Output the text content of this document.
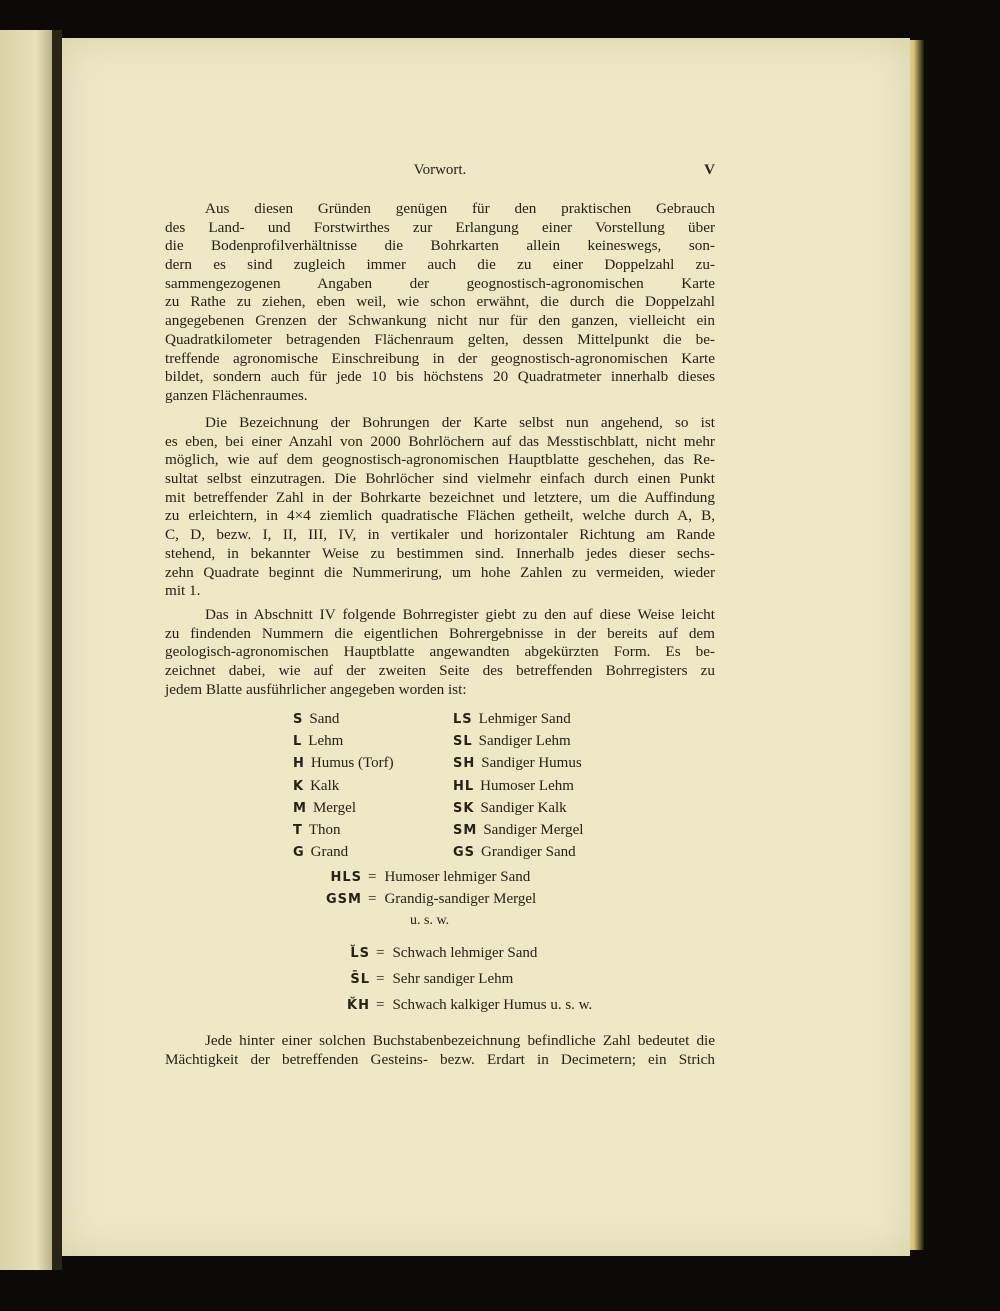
Vorwort.	V
Aus diesen Gründen genügen für den praktischen Gebrauch
des Land- und Forstwirthes zur Erlangung einer Vorstellung über
die Bodenprofilverhältnisse die Bohrkarten allein keineswegs, son-
dern es sind zugleich immer auch die zu einer Doppelzahl zu-
sammengezogenen Angaben der geognostisch-agronomischen Karte
zu Rathe zu ziehen, eben weil, wie schon erwähnt, die durch die Doppelzahl
angegebenen Grenzen der Schwankung nicht nur für den ganzen, vielleicht ein
Quadratkilometer betragenden Flächenraum gelten, dessen Mittelpunkt die be-
treffende agronomische Einschreibung in der geognostisch-agronomischen Karte
bildet, sondern auch für jede 10 bis höchstens 20 Quadratmeter innerhalb dieses
ganzen Flächenraumes.
Die Bezeichnung der Bohrungen der Karte selbst nun angehend, so ist
es eben, bei einer Anzahl von 2000 Bohrlöchern auf das Messtischblatt, nicht mehr
möglich, wie auf dem geognostisch-agronomischen Hauptblatte geschehen, das Re-
sultat selbst einzutragen. Die Bohrlöcher sind vielmehr einfach durch einen Punkt
mit betreffender Zahl in der Bohrkarte bezeichnet und letztere, um die Auffindung
zu erleichtern, in 4×4 ziemlich quadratische Flächen getheilt, welche durch A, B,
C, D, bezw. I, II, III, IV, in vertikaler und horizontaler Richtung am Rande
stehend, in bekannter Weise zu bestimmen sind. Innerhalb jedes dieser sechs-
zehn Quadrate beginnt die Nummerirung, um hohe Zahlen zu vermeiden, wieder
mit 1.
Das in Abschnitt IV folgende Bohrregister giebt zu den auf diese Weise leicht
zu findenden Nummern die eigentlichen Bohrergebnisse in der bereits auf dem
geologisch-agronomischen Hauptblatte angewandten abgekürzten Form. Es be-
zeichnet dabei, wie auf der zweiten Seite des betreffenden Bohrregisters zu
jedem Blatte ausführlicher angegeben worden ist:
S Sand
L Lehm
H Humus (Torf)
K Kalk
M Mergel
T Thon
G Grand
LS Lehmiger Sand
SL Sandiger Lehm
SH Sandiger Humus
HL Humoser Lehm
SK Sandiger Kalk
SM Sandiger Mergel
GS Grandiger Sand
HLS = Humoser lehmiger Sand
GSM = Grandig-sandiger Mergel
u. s. w.
L̆S = Schwach lehmiger Sand
S̄L = Sehr sandiger Lehm
K̆H = Schwach kalkiger Humus u. s. w.
Jede hinter einer solchen Buchstabenbezeichnung befindliche Zahl bedeutet die
Mächtigkeit der betreffenden Gesteins- bezw. Erdart in Decimetern; ein Strich
